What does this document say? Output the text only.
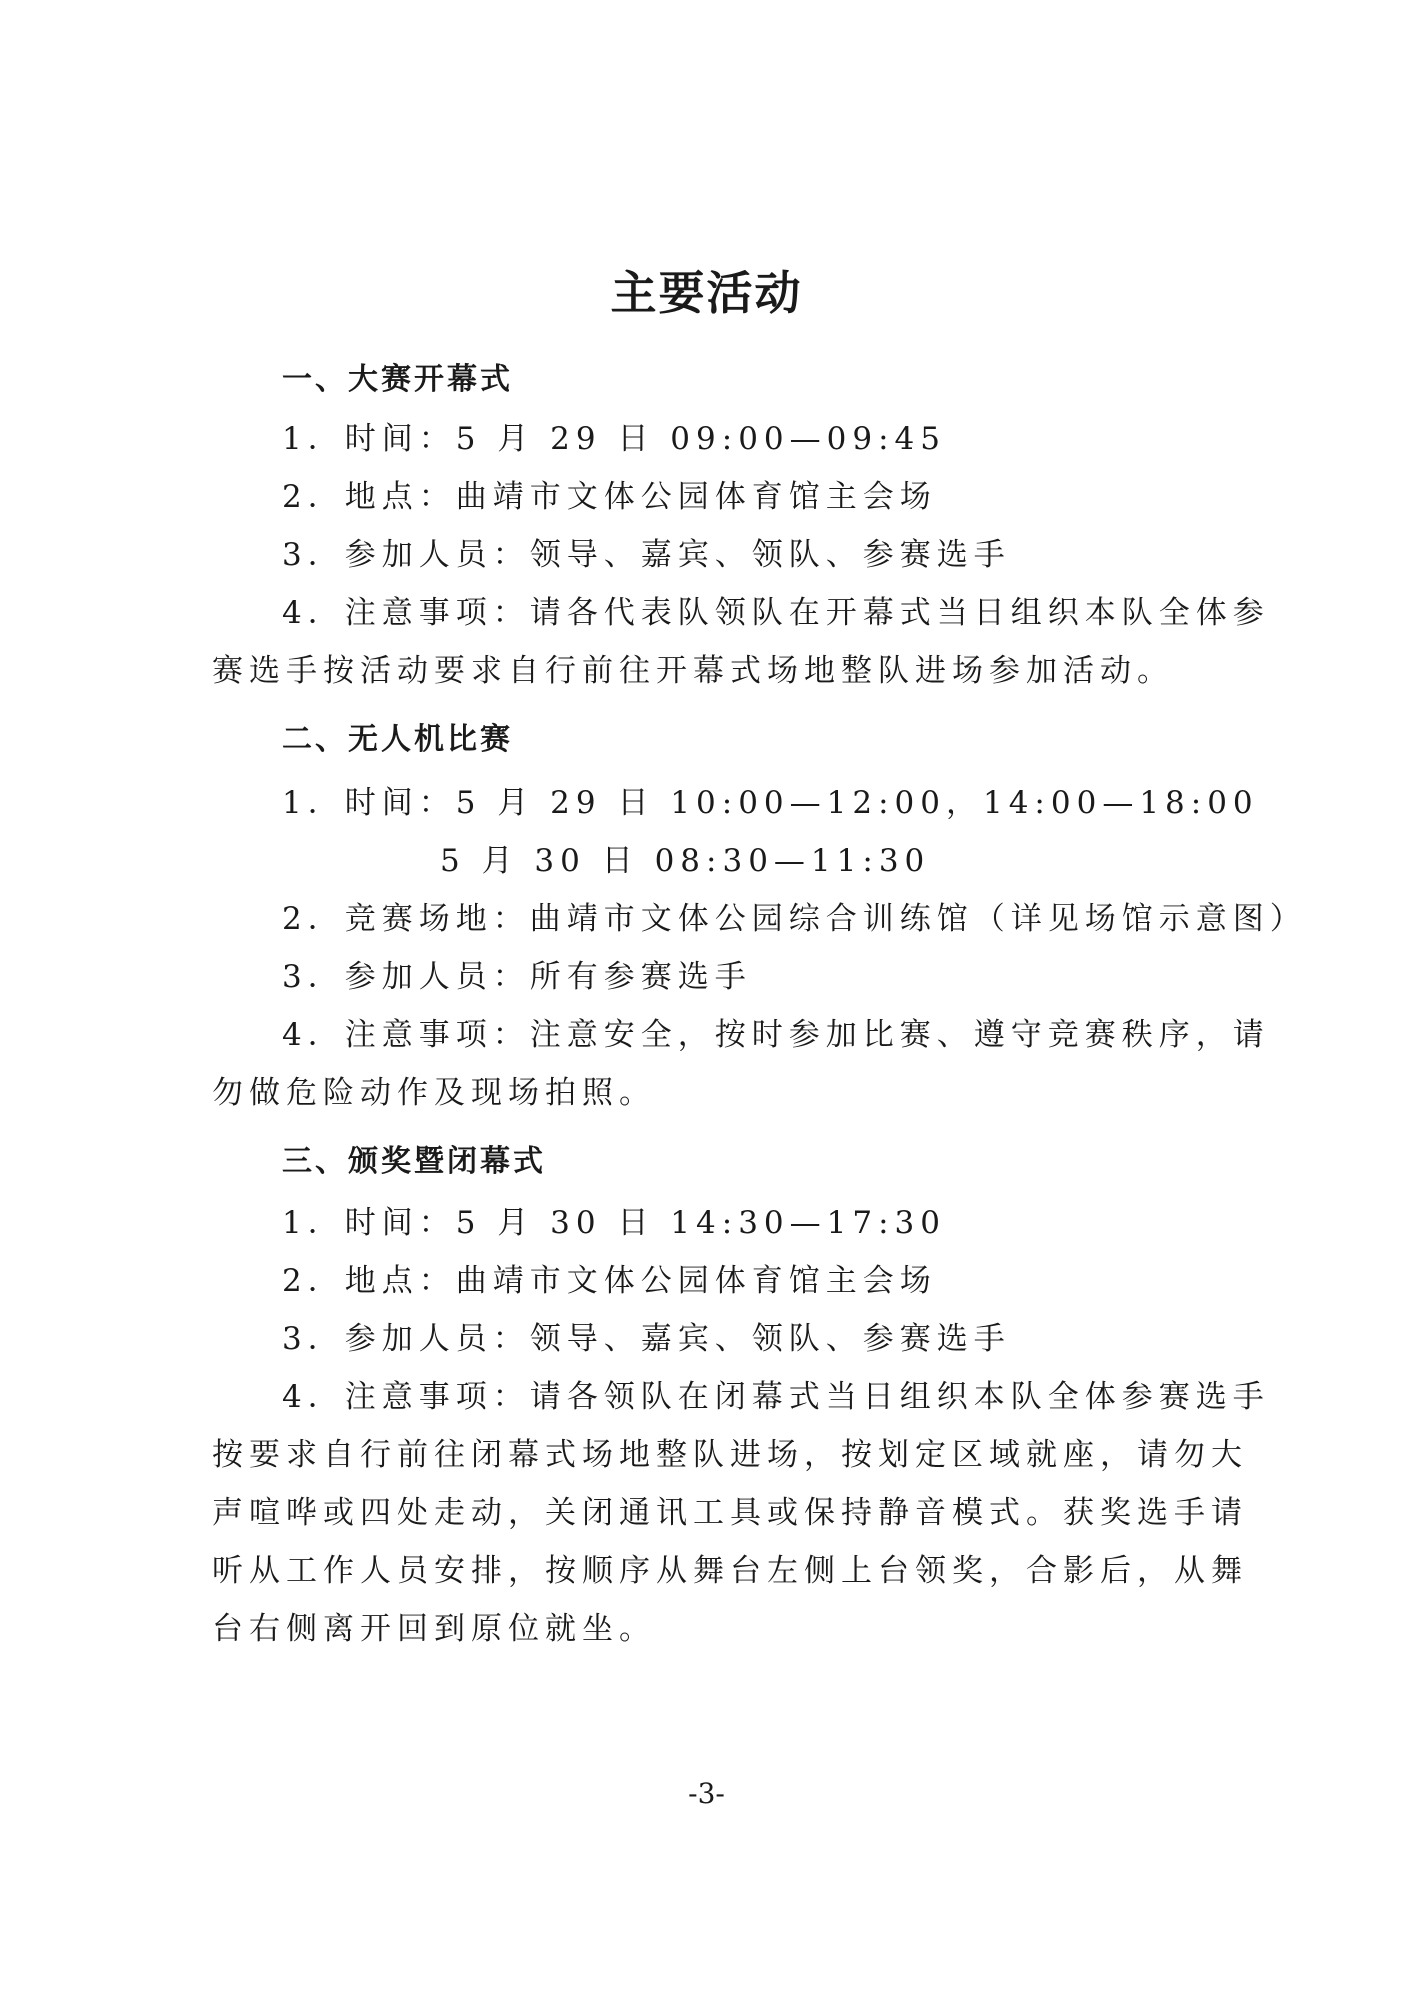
主要活动
一、大赛开幕式
1．时间：5 月 29 日 09:00—09:45
2．地点：曲靖市文体公园体育馆主会场
3．参加人员：领导、嘉宾、领队、参赛选手
4．注意事项：请各代表队领队在开幕式当日组织本队全体参
赛选手按活动要求自行前往开幕式场地整队进场参加活动。
二、无人机比赛
1．时间：5 月 29 日 10:00—12:00，14:00—18:00
5 月 30 日 08:30—11:30
2．竞赛场地：曲靖市文体公园综合训练馆（详见场馆示意图）
3．参加人员：所有参赛选手
4．注意事项：注意安全，按时参加比赛、遵守竞赛秩序，请
勿做危险动作及现场拍照。
三、颁奖暨闭幕式
1．时间：5 月 30 日 14:30—17:30
2．地点：曲靖市文体公园体育馆主会场
3．参加人员：领导、嘉宾、领队、参赛选手
4．注意事项：请各领队在闭幕式当日组织本队全体参赛选手
按要求自行前往闭幕式场地整队进场，按划定区域就座，请勿大
声喧哗或四处走动，关闭通讯工具或保持静音模式。获奖选手请
听从工作人员安排，按顺序从舞台左侧上台领奖，合影后，从舞
台右侧离开回到原位就坐。
-3-
